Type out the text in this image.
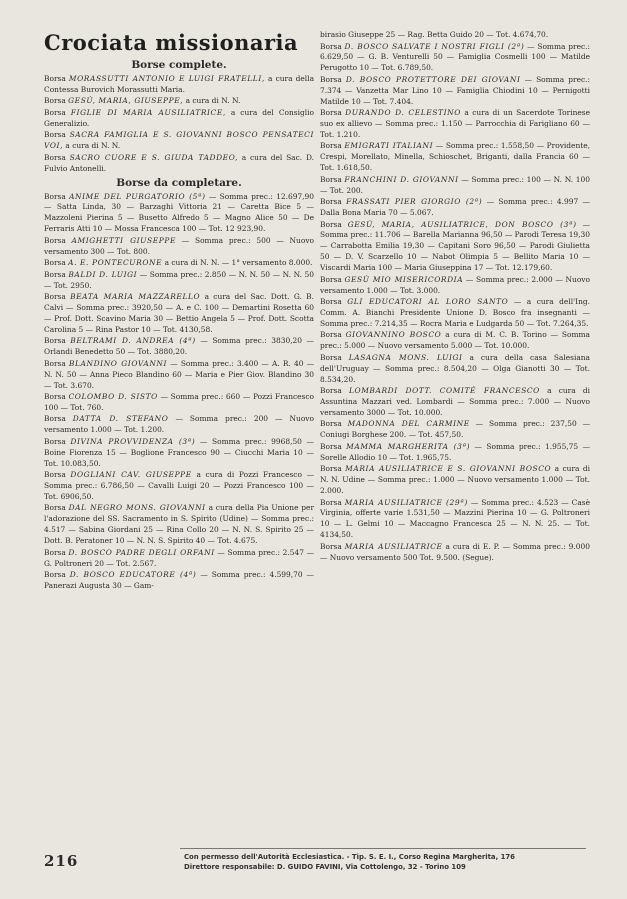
Crociata missionaria
Borse complete.
Borsa MORASSUTTI ANTONIO E LUIGI FRATELLI, a cura della Contessa Burovich Morassutti Maria.
Borsa GESÙ, MARIA, GIUSEPPE, a cura di N. N.
Borsa FIGLIE DI MARIA AUSILIATRICE, a cura del Consiglio Generalizio.
Borsa SACRA FAMIGLIA E S. GIOVANNI BOSCO PENSATECI VOI, a cura di N. N.
Borsa SACRO CUORE E S. GIUDA TADDEO, a cura del Sac. D. Fulvio Antonelli.
Borse da completare.
Borsa ANIME DEL PURGATORIO (5ª) — Somma prec.: 12.697,90 — Satta Linda, 30 — Barzaghi Vittoria 21 — Caretta Bice 5 — Mazzoleni Pierina 5 — Busetto Alfredo 5 — Magno Alice 50 — De Ferraris Atti 10 — Mossa Francesca 100 — Tot. 12 923,90.
Borsa AMIGHETTI GIUSEPPE — Somma prec.: 500 — Nuovo versamento 300 — Tot. 800.
Borsa A. E. PONTECURONE a cura di N. N. — 1° versamento 8.000.
Borsa BALDI D. LUIGI — Somma prec.: 2.850 — N. N. 50 — N. N. 50 — Tot. 2950.
Borsa BEATA MARIA MAZZARELLO a cura del Sac. Dott. G. B. Calvi — Somma prec.: 3920,50 — A. e C. 100 — Demartini Rosetta 60 — Prof. Dott. Scavino Maria 30 — Bettio Angela 5 — Prof. Dott. Scotta Carolina 5 — Rina Pastor 10 — Tot. 4130,58.
Borsa BELTRAMI D. ANDREA (4ª) — Somma prec.: 3830,20 — Orlandi Benedetto 50 — Tot. 3880,20.
Borsa BLANDINO GIOVANNI — Somma prec.: 3.400 — A. R. 40 — N. N. 50 — Anna Pieco Blandino 60 — Maria e Pier Giov. Blandino 30 — Tot. 3.670.
Borsa COLOMBO D. SISTO — Somma prec.: 660 — Pozzi Francesco 100 — Tot. 760.
Borsa DATTA D. STEFANO — Somma prec.: 200 — Nuovo versamento 1.000 — Tot. 1.200.
Borsa DIVINA PROVVIDENZA (3ª) — Somma prec.: 9968,50 — Boine Fiorenza 15 — Boglione Francesco 90 — Ciucchi Maria 10 — Tot. 10.083,50.
Borsa DOGLIANI CAV. GIUSEPPE a cura di Pozzi Francesco — Somma prec.: 6.786,50 — Cavalli Luigi 20 — Pozzi Francesco 100 — Tot. 6906,50.
Borsa DAL NEGRO MONS. GIOVANNI a cura della Pia Unione per l'adorazione del SS. Sacramento in S. Spirito (Udine) — Somma prec.: 4.517 — Sabina Giordani 25 — Rina Collo 20 — N. N. S. Spirito 25 — Dott. B. Peratoner 10 — N. N. S. Spirito 40 — Tot. 4.675.
Borsa D. BOSCO PADRE DEGLI ORFANI — Somma prec.: 2.547 — G. Poltroneri 20 — Tot. 2.567.
Borsa D. BOSCO EDUCATORE (4ª) — Somma prec.: 4.599,70 — Panerazi Augusta 30 — Gam-
birasio Giuseppe 25 — Rag. Betta Guido 20 — Tot. 4.674,70.
Borsa D. BOSCO SALVATE I NOSTRI FIGLI (2ª) — Somma prec.: 6.629,50 — G. B. Venturelli 50 — Famiglia Cosmelli 100 — Matilde Perugotto 10 — Tot. 6.789,50.
Borsa D. BOSCO PROTETTORE DEI GIOVANI — Somma prec.: 7.374 — Vanzetta Mar Lino 10 — Famiglia Chiodini 10 — Pernigotti Matilde 10 — Tot. 7.404.
Borsa DURANDO D. CELESTINO a cura di un Sacerdote Torinese suo ex allievo — Somma prec.: 1.150 — Parrocchia di Farigliano 60 — Tot. 1.210.
Borsa EMIGRATI ITALIANI — Somma prec.: 1.558,50 — Providente, Crespi, Morellato, Minella, Schioschet, Briganti, dalla Francia 60 — Tot. 1.618,50.
Borsa FRANCHINI D. GIOVANNI — Somma prec.: 100 — N. N. 100 — Tot. 200.
Borsa FRASSATI PIER GIORGIO (2ª) — Somma prec.: 4.997 — Dalla Bona Maria 70 — 5.067.
Borsa GESÙ, MARIA, AUSILIATRICE, DON BOSCO (3ª) — Somma prec.: 11.706 — Barella Marianna 96,50 — Parodi Teresa 19,30 — Carrabotta Emilia 19,30 — Capitani Soro 96,50 — Parodi Giulietta 50 — D. V. Scarzello 10 — Nabot Olimpia 5 — Bellito Maria 10 — Viscardi Maria 100 — Maria Giuseppina 17 — Tot. 12.179,60.
Borsa GESÙ MIO MISERICORDIA — Somma prec.: 2.000 — Nuovo versamento 1.000 — Tot. 3.000.
Borsa GLI EDUCATORI AL LORO SANTO — a cura dell'Ing. Comm. A. Bianchi Presidente Unione D. Bosco fra insegnanti — Somma prec.: 7.214,35 — Rocra Maria e Ludgarda 50 — Tot. 7.264,35.
Borsa GIOVANNINO BOSCO a cura di M. C. B. Torino — Somma prec.: 5.000 — Nuovo versamento 5.000 — Tot. 10.000.
Borsa LASAGNA MONS. LUIGI a cura della casa Salesiana dell'Uruguay — Somma prec.: 8.504,20 — Olga Gianotti 30 — Tot. 8.534,20.
Borsa LOMBARDI DOTT. COMITÉ FRANCESCO a cura di Assuntina Mazzari ved. Lombardi — Somma prec.: 7.000 — Nuovo versamento 3000 — Tot. 10.000.
Borsa MADONNA DEL CARMINE — Somma prec.: 237,50 — Coniugi Borghese 200. — Tot. 457,50.
Borsa MAMMA MARGHERITA (3ª) — Somma prec.: 1.955,75 — Sorelle Allodio 10 — Tot. 1.965,75.
Borsa MARIA AUSILIATRICE E S. GIOVANNI BOSCO a cura di N. N. Udine — Somma prec.: 1.000 — Nuovo versamento 1.000 — Tot. 2.000.
Borsa MARIA AUSILIATRICE (29ª) — Somma prec.: 4.523 — Casè Virginia, offerte varie 1.531,50 — Mazzini Pierina 10 — G. Poltroneri 10 — L. Gelmi 10 — Maccagno Francesca 25 — N. N. 25. — Tot. 4134,50.
Borsa MARIA AUSILIATRICE a cura di E. P. — Somma prec.: 9.000 — Nuovo versamento 500 Tot. 9.500. (Segue).
216	Con permesso dell'Autorità Ecclesiastica. - Tip. S. E. I., Corso Regina Margherita, 176
Direttore responsabile: D. GUIDO FAVINI, Via Cottolengo, 32 - Torino 109
